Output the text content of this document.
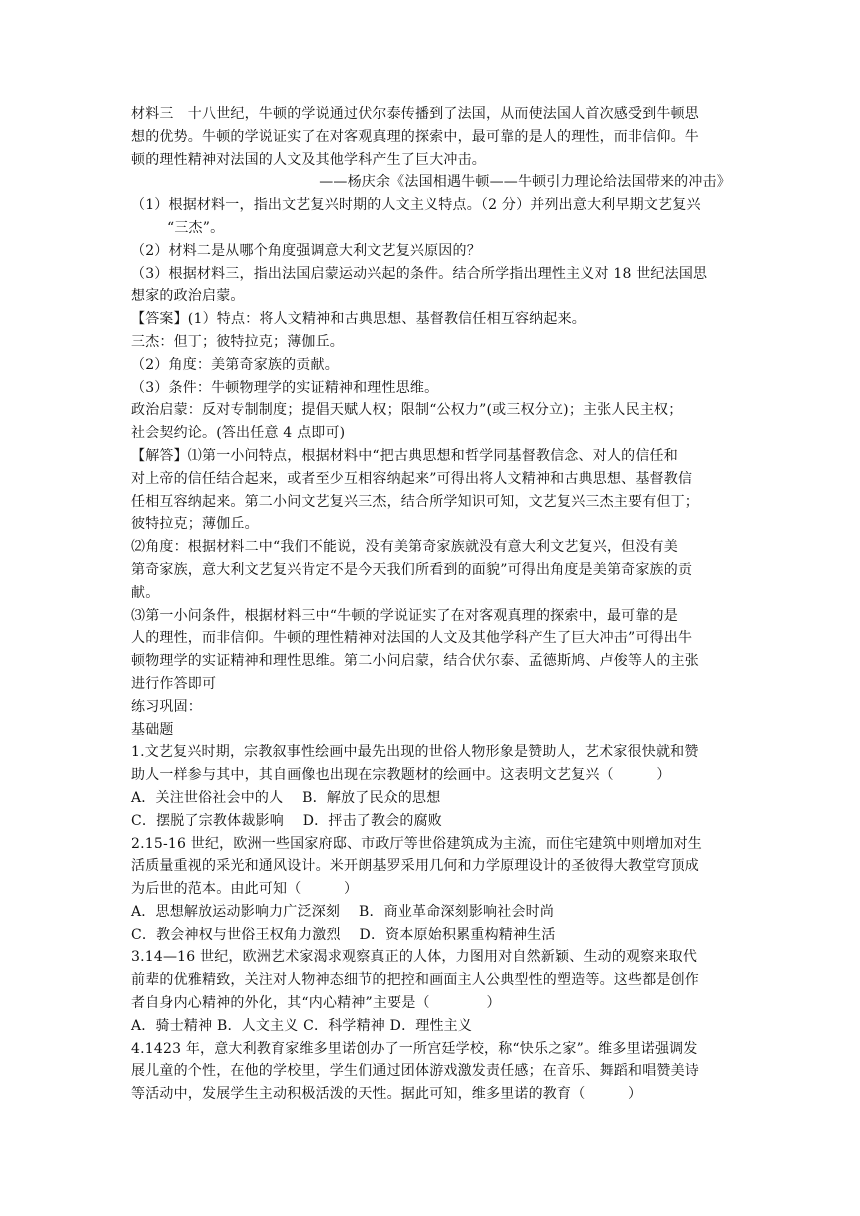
材料三　十八世纪，牛顿的学说通过伏尔泰传播到了法国，从而使法国人首次感受到牛顿思
想的优势。牛顿的学说证实了在对客观真理的探索中，最可靠的是人的理性，而非信仰。牛
顿的理性精神对法国的人文及其他学科产生了巨大冲击。
——杨庆余《法国相遇牛顿——牛顿引力理论给法国带来的冲击》
（1）根据材料一，指出文艺复兴时期的人文主义特点。（2 分）并列出意大利早期文艺复兴
“三杰”。
（2）材料二是从哪个角度强调意大利文艺复兴原因的？
（3）根据材料三，指出法国启蒙运动兴起的条件。结合所学指出理性主义对 18 世纪法国思
想家的政治启蒙。
【答案】(1）特点：将人文精神和古典思想、基督教信任相互容纳起来。
三杰：但丁；彼特拉克；薄伽丘。
（2）角度：美第奇家族的贡献。
（3）条件：牛顿物理学的实证精神和理性思维。
政治启蒙：反对专制制度；提倡天赋人权；限制“公权力”(或三权分立)；主张人民主权；
社会契约论。(答出任意 4 点即可)
【解答】⑴第一小问特点，根据材料中“把古典思想和哲学同基督教信念、对人的信任和
对上帝的信任结合起来，或者至少互相容纳起来”可得出将人文精神和古典思想、基督教信
任相互容纳起来。第二小问文艺复兴三杰，结合所学知识可知，文艺复兴三杰主要有但丁；
彼特拉克；薄伽丘。
⑵角度：根据材料二中“我们不能说，没有美第奇家族就没有意大利文艺复兴，但没有美
第奇家族，意大利文艺复兴肯定不是今天我们所看到的面貌”可得出角度是美第奇家族的贡
献。
⑶第一小问条件，根据材料三中“牛顿的学说证实了在对客观真理的探索中，最可靠的是
人的理性，而非信仰。牛顿的理性精神对法国的人文及其他学科产生了巨大冲击”可得出牛
顿物理学的实证精神和理性思维。第二小问启蒙，结合伏尔泰、孟德斯鸠、卢俊等人的主张
进行作答即可
练习巩固：
基础题
1.文艺复兴时期，宗教叙事性绘画中最先出现的世俗人物形象是赞助人，艺术家很快就和赞
助人一样参与其中，其自画像也出现在宗教题材的绘画中。这表明文艺复兴（　　　）
A．关注世俗社会中的人　 B．解放了民众的思想
C．摆脱了宗教体裁影响　 D．抨击了教会的腐败
2.15-16 世纪，欧洲一些国家府邸、市政厅等世俗建筑成为主流，而住宅建筑中则增加对生
活质量重视的采光和通风设计。米开朗基罗采用几何和力学原理设计的圣彼得大教堂穹顶成
为后世的范本。由此可知（　　　）
A．思想解放运动影响力广泛深刻　 B．商业革命深刻影响社会时尚
C．教会神权与世俗王权角力激烈　 D．资本原始积累重构精神生活
3.14—16 世纪，欧洲艺术家渴求观察真正的人体，力图用对自然新颖、生动的观察来取代
前辈的优雅精致，关注对人物神态细节的把控和画面主人公典型性的塑造等。这些都是创作
者自身内心精神的外化，其“内心精神”主要是（　　　　）
A．骑士精神 B．人文主义 C．科学精神 D．理性主义
4.1423 年，意大利教育家维多里诺创办了一所宫廷学校，称“快乐之家”。维多里诺强调发
展儿童的个性，在他的学校里，学生们通过团体游戏激发责任感；在音乐、舞蹈和唱赞美诗
等活动中，发展学生主动积极活泼的天性。据此可知，维多里诺的教育（　　　）
